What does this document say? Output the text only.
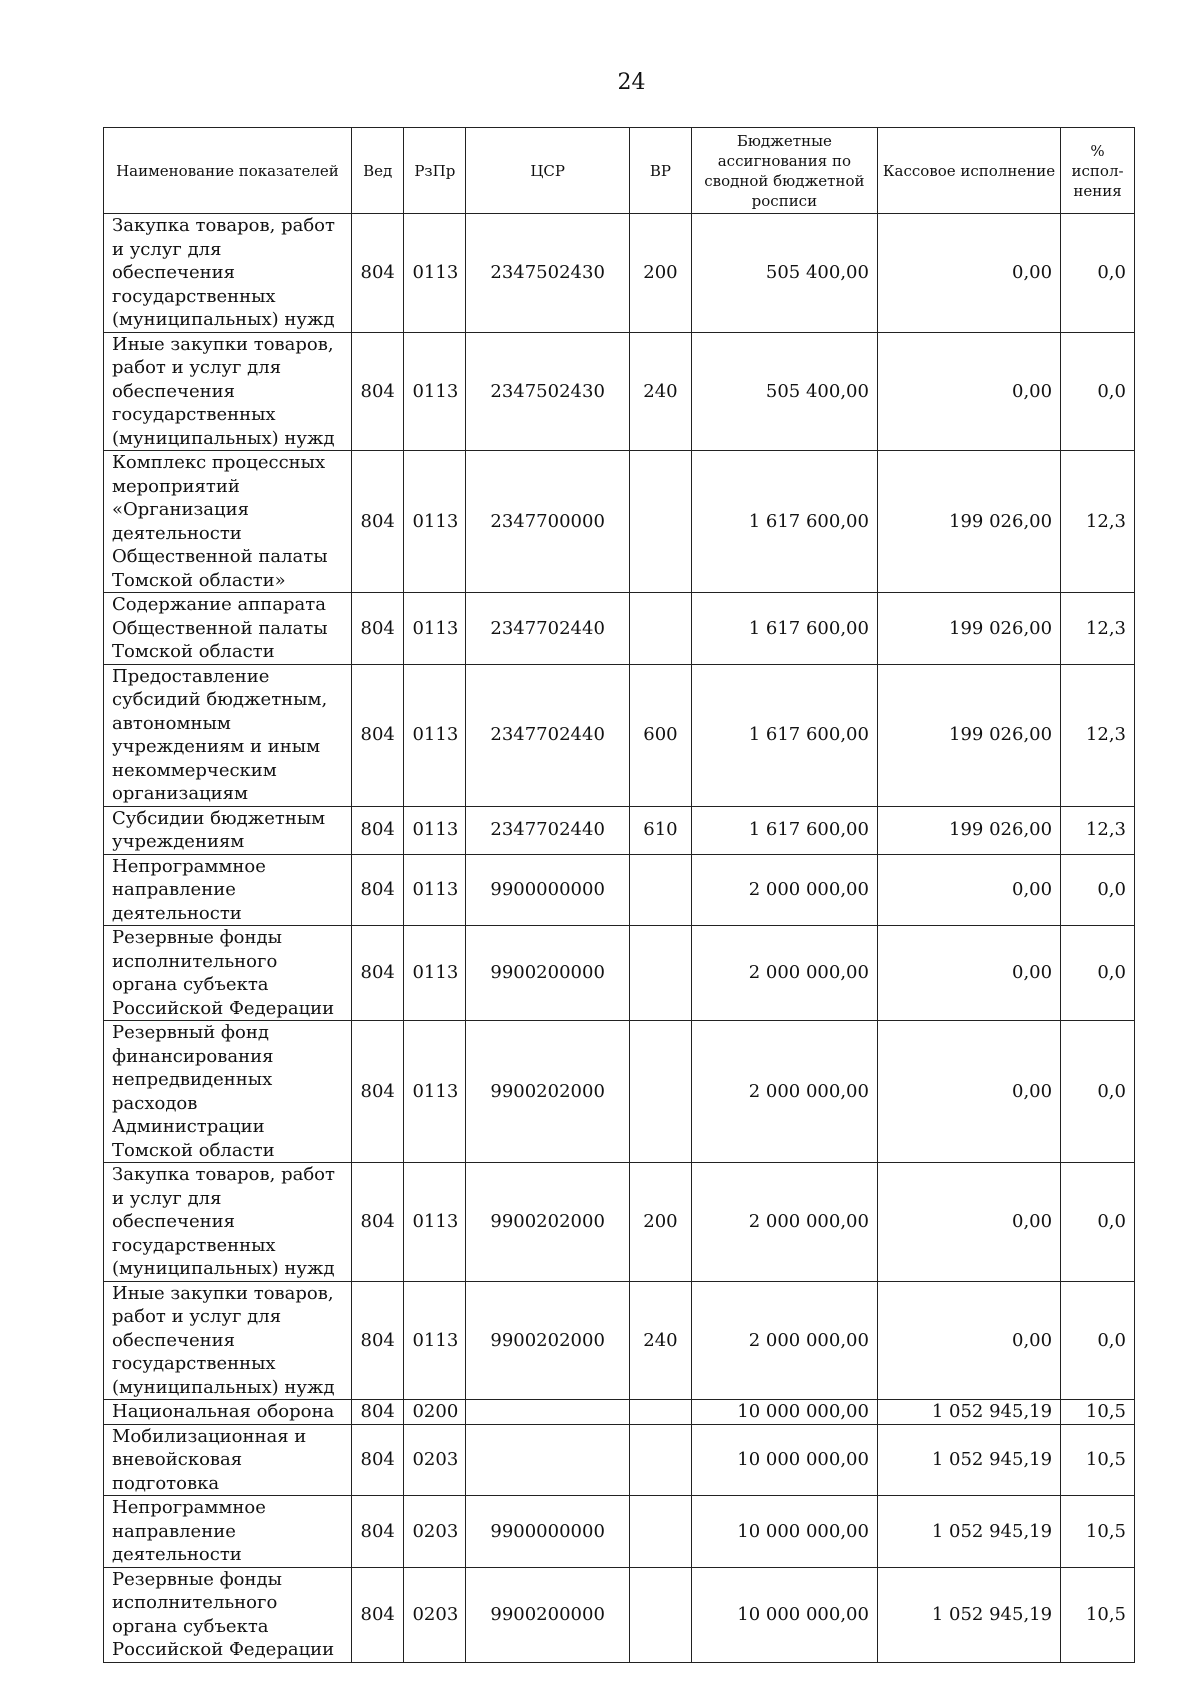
24
Наименование показателей	Вед	РзПр	ЦСР	ВР	Бюджетные ассигнования по сводной бюджетной росписи	Кассовое исполнение	% испол-нения
Закупка товаров, работ и услуг для обеспечения государственных (муниципальных) нужд	804	0113	2347502430	200	505 400,00	0,00	0,0
Иные закупки товаров, работ и услуг для обеспечения государственных (муниципальных) нужд	804	0113	2347502430	240	505 400,00	0,00	0,0
Комплекс процессных мероприятий «Организация деятельности Общественной палаты Томской области»	804	0113	2347700000		1 617 600,00	199 026,00	12,3
Содержание аппарата Общественной палаты Томской области	804	0113	2347702440		1 617 600,00	199 026,00	12,3
Предоставление субсидий бюджетным, автономным учреждениям и иным некоммерческим организациям	804	0113	2347702440	600	1 617 600,00	199 026,00	12,3
Субсидии бюджетным учреждениям	804	0113	2347702440	610	1 617 600,00	199 026,00	12,3
Непрограммное направление деятельности	804	0113	9900000000		2 000 000,00	0,00	0,0
Резервные фонды исполнительного органа субъекта Российской Федерации	804	0113	9900200000		2 000 000,00	0,00	0,0
Резервный фонд финансирования непредвиденных расходов Администрации Томской области	804	0113	9900202000		2 000 000,00	0,00	0,0
Закупка товаров, работ и услуг для обеспечения государственных (муниципальных) нужд	804	0113	9900202000	200	2 000 000,00	0,00	0,0
Иные закупки товаров, работ и услуг для обеспечения государственных (муниципальных) нужд	804	0113	9900202000	240	2 000 000,00	0,00	0,0
Национальная оборона	804	0200			10 000 000,00	1 052 945,19	10,5
Мобилизационная и вневойсковая подготовка	804	0203			10 000 000,00	1 052 945,19	10,5
Непрограммное направление деятельности	804	0203	9900000000		10 000 000,00	1 052 945,19	10,5
Резервные фонды исполнительного органа субъекта Российской Федерации	804	0203	9900200000		10 000 000,00	1 052 945,19	10,5
